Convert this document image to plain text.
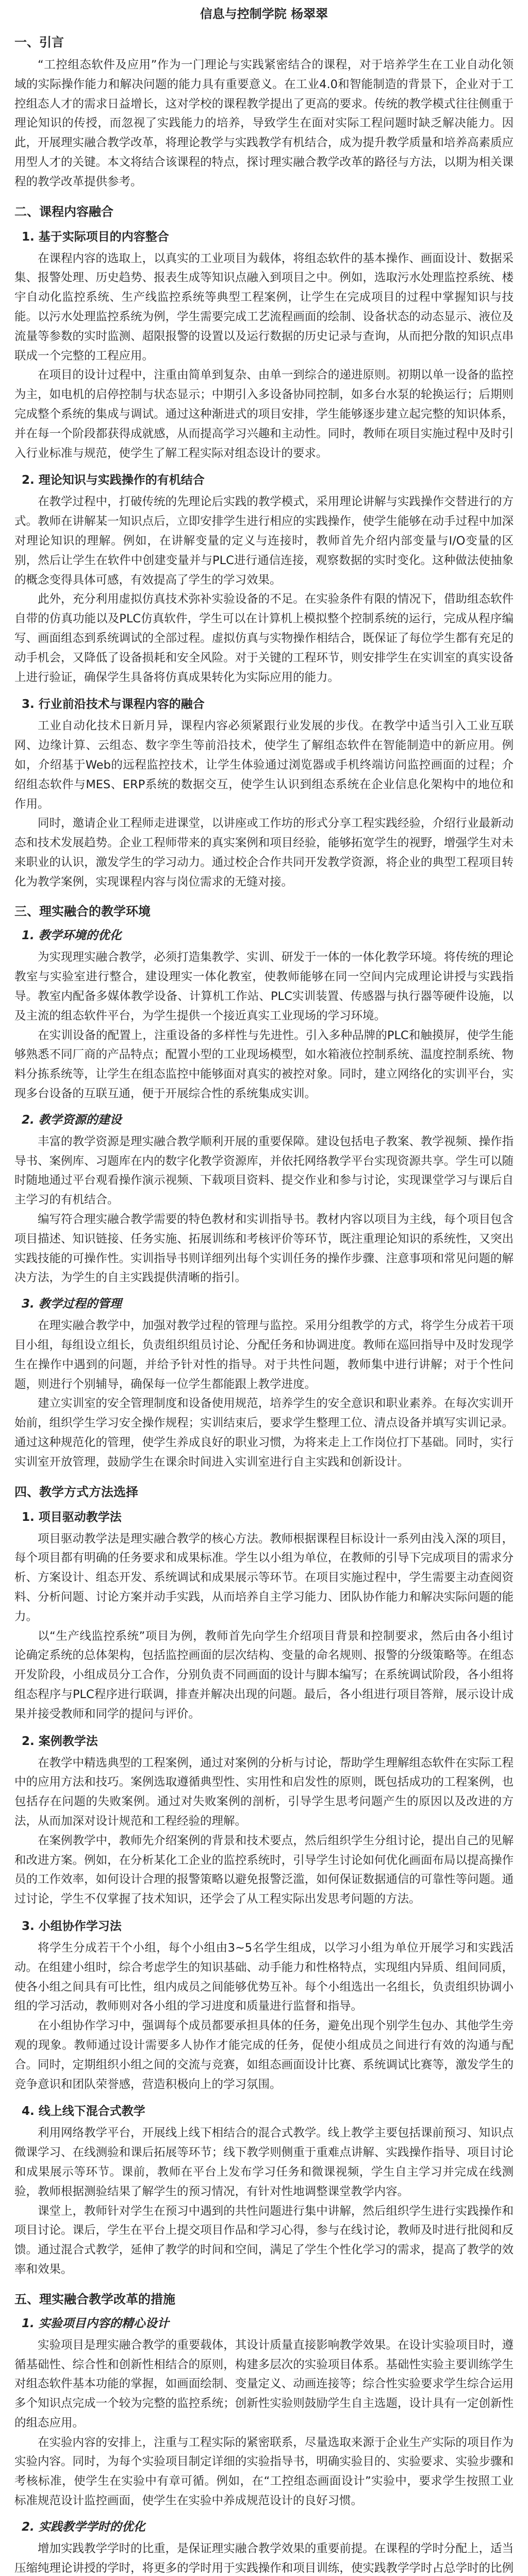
信息与控制学院 杨翠翠
一、引言
“工控组态软件及应用”作为一门理论与实践紧密结合的课程，对于培养学生在工业自动化领域的实际操作能力和解决问题的能力具有重要意义。在工业4.0和智能制造的背景下，企业对于工控组态人才的需求日益增长，这对学校的课程教学提出了更高的要求。传统的教学模式往往侧重于理论知识的传授，而忽视了实践能力的培养，导致学生在面对实际工程问题时缺乏解决能力。因此，开展理实融合教学改革，将理论教学与实践教学有机结合，成为提升教学质量和培养高素质应用型人才的关键。本文将结合该课程的特点，探讨理实融合教学改革的路径与方法，以期为相关课程的教学改革提供参考。
二、课程内容融合
1. 基于实际项目的内容整合
在课程内容的选取上，以真实的工业项目为载体，将组态软件的基本操作、画面设计、数据采集、报警处理、历史趋势、报表生成等知识点融入到项目之中。例如，选取污水处理监控系统、楼宇自动化监控系统、生产线监控系统等典型工程案例，让学生在完成项目的过程中掌握知识与技能。以污水处理监控系统为例，学生需要完成工艺流程画面的绘制、设备状态的动态显示、液位及流量等参数的实时监测、超限报警的设置以及运行数据的历史记录与查询，从而把分散的知识点串联成一个完整的工程应用。
在项目的设计过程中，注重由简单到复杂、由单一到综合的递进原则。初期以单一设备的监控为主，如电机的启停控制与状态显示；中期引入多设备协同控制，如多台水泵的轮换运行；后期则完成整个系统的集成与调试。通过这种渐进式的项目安排，学生能够逐步建立起完整的知识体系，并在每一个阶段都获得成就感，从而提高学习兴趣和主动性。同时，教师在项目实施过程中及时引入行业标准与规范，使学生了解工程实际对组态设计的要求。
2. 理论知识与实践操作的有机结合
在教学过程中，打破传统的先理论后实践的教学模式，采用理论讲解与实践操作交替进行的方式。教师在讲解某一知识点后，立即安排学生进行相应的实践操作，使学生能够在动手过程中加深对理论知识的理解。例如，在讲解变量的定义与连接时，教师首先介绍内部变量与I/O变量的区别，然后让学生在软件中创建变量并与PLC进行通信连接，观察数据的实时变化。这种做法使抽象的概念变得具体可感，有效提高了学生的学习效果。
此外，充分利用虚拟仿真技术弥补实验设备的不足。在实验条件有限的情况下，借助组态软件自带的仿真功能以及PLC仿真软件，学生可以在计算机上模拟整个控制系统的运行，完成从程序编写、画面组态到系统调试的全部过程。虚拟仿真与实物操作相结合，既保证了每位学生都有充足的动手机会，又降低了设备损耗和安全风险。对于关键的工程环节，则安排学生在实训室的真实设备上进行验证，确保学生具备将仿真成果转化为实际应用的能力。
3. 行业前沿技术与课程内容的融合
工业自动化技术日新月异，课程内容必须紧跟行业发展的步伐。在教学中适当引入工业互联网、边缘计算、云组态、数字孪生等前沿技术，使学生了解组态软件在智能制造中的新应用。例如，介绍基于Web的远程监控技术，让学生体验通过浏览器或手机终端访问监控画面的过程；介绍组态软件与MES、ERP系统的数据交互，使学生认识到组态系统在企业信息化架构中的地位和作用。
同时，邀请企业工程师走进课堂，以讲座或工作坊的形式分享工程实践经验，介绍行业最新动态和技术发展趋势。企业工程师带来的真实案例和项目经验，能够拓宽学生的视野，增强学生对未来职业的认识，激发学生的学习动力。通过校企合作共同开发教学资源，将企业的典型工程项目转化为教学案例，实现课程内容与岗位需求的无缝对接。
三、理实融合的教学环境
1. 教学环境的优化
为实现理实融合教学，必须打造集教学、实训、研发于一体的一体化教学环境。将传统的理论教室与实验室进行整合，建设理实一体化教室，使教师能够在同一空间内完成理论讲授与实践指导。教室内配备多媒体教学设备、计算机工作站、PLC实训装置、传感器与执行器等硬件设施，以及主流的组态软件平台，为学生提供一个接近真实工业现场的学习环境。
在实训设备的配置上，注重设备的多样性与先进性。引入多种品牌的PLC和触摸屏，使学生能够熟悉不同厂商的产品特点；配置小型的工业现场模型，如水箱液位控制系统、温度控制系统、物料分拣系统等，让学生在组态监控中能够面对真实的被控对象。同时，建立网络化的实训平台，实现多台设备的互联互通，便于开展综合性的系统集成实训。
2. 教学资源的建设
丰富的教学资源是理实融合教学顺利开展的重要保障。建设包括电子教案、教学视频、操作指导书、案例库、习题库在内的数字化教学资源库，并依托网络教学平台实现资源共享。学生可以随时随地通过平台观看操作演示视频、下载项目资料、提交作业和参与讨论，实现课堂学习与课后自主学习的有机结合。
编写符合理实融合教学需要的特色教材和实训指导书。教材内容以项目为主线，每个项目包含项目描述、知识链接、任务实施、拓展训练和考核评价等环节，既注重理论知识的系统性，又突出实践技能的可操作性。实训指导书则详细列出每个实训任务的操作步骤、注意事项和常见问题的解决方法，为学生的自主实践提供清晰的指引。
3. 教学过程的管理
在理实融合教学中，加强对教学过程的管理与监控。采用分组教学的方式，将学生分成若干项目小组，每组设立组长，负责组织组员讨论、分配任务和协调进度。教师在巡回指导中及时发现学生在操作中遇到的问题，并给予针对性的指导。对于共性问题，教师集中进行讲解；对于个性问题，则进行个别辅导，确保每一位学生都能跟上教学进度。
建立实训室的安全管理制度和设备使用规范，培养学生的安全意识和职业素养。在每次实训开始前，组织学生学习安全操作规程；实训结束后，要求学生整理工位、清点设备并填写实训记录。通过这种规范化的管理，使学生养成良好的职业习惯，为将来走上工作岗位打下基础。同时，实行实训室开放管理，鼓励学生在课余时间进入实训室进行自主实践和创新设计。
四、教学方式方法选择
1. 项目驱动教学法
项目驱动教学法是理实融合教学的核心方法。教师根据课程目标设计一系列由浅入深的项目，每个项目都有明确的任务要求和成果标准。学生以小组为单位，在教师的引导下完成项目的需求分析、方案设计、组态开发、系统调试和成果展示等环节。在项目实施过程中，学生需要主动查阅资料、分析问题、讨论方案并动手实践，从而培养自主学习能力、团队协作能力和解决实际问题的能力。
以“生产线监控系统”项目为例，教师首先向学生介绍项目背景和控制要求，然后由各小组讨论确定系统的总体架构，包括监控画面的层次结构、变量的命名规则、报警的分级策略等。在组态开发阶段，小组成员分工合作，分别负责不同画面的设计与脚本编写；在系统调试阶段，各小组将组态程序与PLC程序进行联调，排查并解决出现的问题。最后，各小组进行项目答辩，展示设计成果并接受教师和同学的提问与评价。
2. 案例教学法
在教学中精选典型的工程案例，通过对案例的分析与讨论，帮助学生理解组态软件在实际工程中的应用方法和技巧。案例选取遵循典型性、实用性和启发性的原则，既包括成功的工程案例，也包括存在问题的失败案例。通过对失败案例的剖析，引导学生思考问题产生的原因以及改进的方法，从而加深对设计规范和工程经验的理解。
在案例教学中，教师先介绍案例的背景和技术要点，然后组织学生分组讨论，提出自己的见解和改进方案。例如，在分析某化工企业的监控系统时，引导学生讨论如何优化画面布局以提高操作员的工作效率，如何设计合理的报警策略以避免报警泛滥，如何保证数据通信的可靠性等问题。通过讨论，学生不仅掌握了技术知识，还学会了从工程实际出发思考问题的方法。
3. 小组协作学习法
将学生分成若干个小组，每个小组由3~5名学生组成，以学习小组为单位开展学习和实践活动。在组建小组时，综合考虑学生的知识基础、动手能力和性格特点，实现组内异质、组间同质，使各小组之间具有可比性，组内成员之间能够优势互补。每个小组选出一名组长，负责组织协调小组的学习活动，教师则对各小组的学习进度和质量进行监督和指导。
在小组协作学习中，强调每个成员都要承担具体的任务，避免出现个别学生包办、其他学生旁观的现象。教师通过设计需要多人协作才能完成的任务，促使小组成员之间进行有效的沟通与配合。同时，定期组织小组之间的交流与竞赛，如组态画面设计比赛、系统调试比赛等，激发学生的竞争意识和团队荣誉感，营造积极向上的学习氛围。
4. 线上线下混合式教学
利用网络教学平台，开展线上线下相结合的混合式教学。线上教学主要包括课前预习、知识点微课学习、在线测验和课后拓展等环节；线下教学则侧重于重难点讲解、实践操作指导、项目讨论和成果展示等环节。课前，教师在平台上发布学习任务和微课视频，学生自主学习并完成在线测验，教师根据测验结果了解学生的预习情况，有针对性地调整课堂教学内容。
课堂上，教师针对学生在预习中遇到的共性问题进行集中讲解，然后组织学生进行实践操作和项目讨论。课后，学生在平台上提交项目作品和学习心得，参与在线讨论，教师及时进行批阅和反馈。通过混合式教学，延伸了教学的时间和空间，满足了学生个性化学习的需求，提高了教学的效率和效果。
五、理实融合教学改革的措施
1. 实验项目内容的精心设计
实验项目是理实融合教学的重要载体，其设计质量直接影响教学效果。在设计实验项目时，遵循基础性、综合性和创新性相结合的原则，构建多层次的实验项目体系。基础性实验主要训练学生对组态软件基本功能的掌握，如画面绘制、变量定义、动画连接等；综合性实验要求学生综合运用多个知识点完成一个较为完整的监控系统；创新性实验则鼓励学生自主选题，设计具有一定创新性的组态应用。
在实验内容的安排上，注重与工程实际的紧密联系，尽量选取来源于企业生产实际的项目作为实验内容。同时，为每个实验项目制定详细的实验指导书，明确实验目的、实验要求、实验步骤和考核标准，使学生在实验中有章可循。例如，在“工控组态画面设计”实验中，要求学生按照工业标准规范设计监控画面，使学生在实验中养成规范设计的良好习惯。
2. 实践教学学时的优化
增加实践教学学时的比重，是保证理实融合教学效果的重要前提。在课程的学时分配上，适当压缩纯理论讲授的学时，将更多的学时用于实践操作和项目训练，使实践教学学时占总学时的比例
